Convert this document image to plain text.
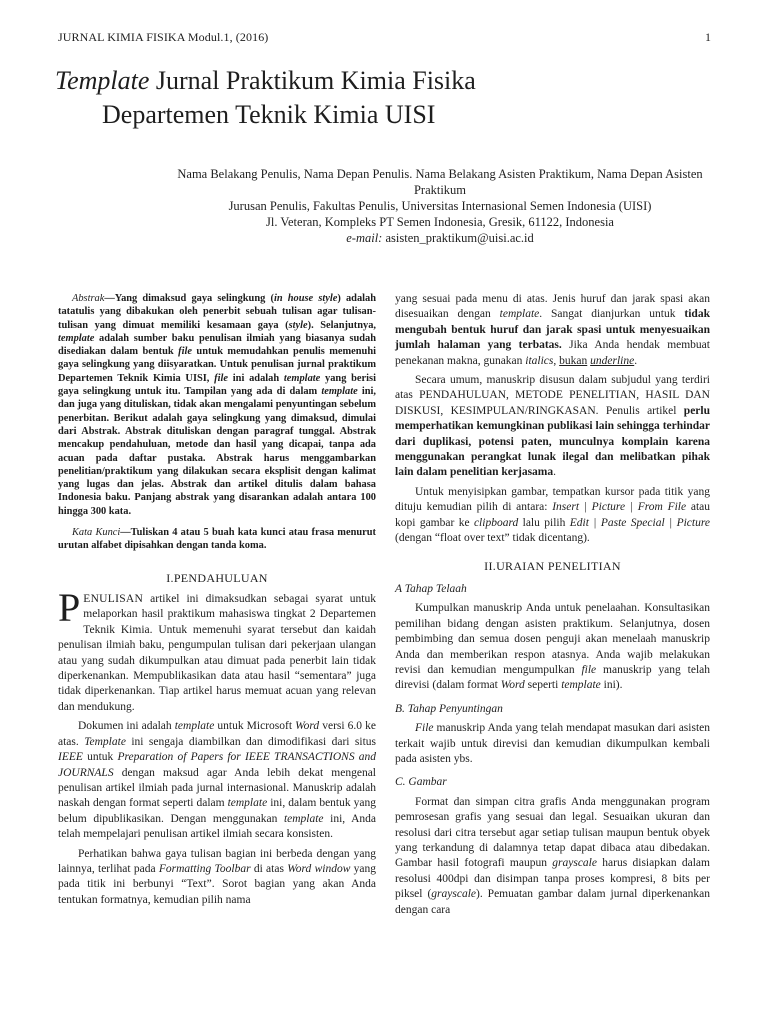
JURNAL KIMIA FISIKA Modul.1, (2016)	1
Template Jurnal Praktikum Kimia Fisika
Departemen Teknik Kimia UISI
Nama Belakang Penulis, Nama Depan Penulis. Nama Belakang Asisten Praktikum, Nama Depan Asisten Praktikum
Jurusan Penulis, Fakultas Penulis, Universitas Internasional Semen Indonesia (UISI)
Jl. Veteran, Kompleks PT Semen Indonesia, Gresik, 61122, Indonesia
e-mail: asisten_praktikum@uisi.ac.id

Abstrak—Yang dimaksud gaya selingkung (in house style) adalah tatatulis yang dibakukan oleh penerbit sebuah tulisan agar tulisan-tulisan yang dimuat memiliki kesamaan gaya (style). Selanjutnya, template adalah sumber baku penulisan ilmiah yang biasanya sudah disediakan dalam bentuk file untuk memudahkan penulis memenuhi gaya selingkung yang diisyaratkan. Untuk penulisan jurnal praktikum Departemen Teknik Kimia UISI, file ini adalah template yang berisi gaya selingkung untuk itu. Tampilan yang ada di dalam template ini, dan juga yang dituliskan, tidak akan mengalami penyuntingan sebelum penerbitan. Berikut adalah gaya selingkung yang dimaksud, dimulai dari Abstrak. Abstrak dituliskan dengan paragraf tunggal. Abstrak mencakup pendahuluan, metode dan hasil yang dicapai, tanpa ada acuan pada daftar pustaka. Abstrak harus menggambarkan penelitian/praktikum yang dilakukan secara eksplisit dengan kalimat yang lugas dan jelas. Abstrak dan artikel ditulis dalam bahasa Indonesia baku. Panjang abstrak yang disarankan adalah antara 100 hingga 300 kata.

Kata Kunci—Tuliskan 4 atau 5 buah kata kunci atau frasa menurut urutan alfabet dipisahkan dengan tanda koma.

I.PENDAHULUAN

PENULISAN artikel ini dimaksudkan sebagai syarat untuk melaporkan hasil praktikum mahasiswa tingkat 2 Departemen Teknik Kimia. Untuk memenuhi syarat tersebut dan kaidah penulisan ilmiah baku, pengumpulan tulisan dari pekerjaan ulangan atau yang sudah dikumpulkan atau dimuat pada penerbit lain tidak diperkenankan. Mempublikasikan data atau hasil “sementara” juga tidak diperkenankan. Tiap artikel harus memuat acuan yang relevan dan mendukung.

Dokumen ini adalah template untuk Microsoft Word versi 6.0 ke atas. Template ini sengaja diambilkan dan dimodifikasi dari situs IEEE untuk Preparation of Papers for IEEE TRANSACTIONS and JOURNALS dengan maksud agar Anda lebih dekat mengenal penulisan artikel ilmiah pada jurnal internasional. Manuskrip adalah naskah dengan format seperti dalam template ini, dalam bentuk yang belum dipublikasikan. Dengan menggunakan template ini, Anda telah mempelajari penulisan artikel ilmiah secara konsisten.

Perhatikan bahwa gaya tulisan bagian ini berbeda dengan yang lainnya, terlihat pada Formatting Toolbar di atas Word window yang pada titik ini berbunyi “Text”. Sorot bagian yang akan Anda tentukan formatnya, kemudian pilih nama

yang sesuai pada menu di atas. Jenis huruf dan jarak spasi akan disesuaikan dengan template. Sangat dianjurkan untuk tidak mengubah bentuk huruf dan jarak spasi untuk menyesuaikan jumlah halaman yang terbatas. Jika Anda hendak membuat penekanan makna, gunakan italics, bukan underline.

Secara umum, manuskrip disusun dalam subjudul yang terdiri atas PENDAHULUAN, METODE PENELITIAN, HASIL DAN DISKUSI, KESIMPULAN/RINGKASAN. Penulis artikel perlu memperhatikan kemungkinan publikasi lain sehingga terhindar dari duplikasi, potensi paten, munculnya komplain karena menggunakan perangkat lunak ilegal dan melibatkan pihak lain dalam penelitian kerjasama.

Untuk menyisipkan gambar, tempatkan kursor pada titik yang dituju kemudian pilih di antara: Insert | Picture | From File atau kopi gambar ke clipboard lalu pilih Edit | Paste Special | Picture (dengan “float over text” tidak dicentang).

II.URAIAN PENELITIAN

A Tahap Telaah

Kumpulkan manuskrip Anda untuk penelaahan. Konsultasikan pemilihan bidang dengan asisten praktikum. Selanjutnya, dosen pembimbing dan semua dosen penguji akan menelaah manuskrip Anda dan memberikan respon atasnya. Anda wajib melakukan revisi dan kemudian mengumpulkan file manuskrip yang telah direvisi (dalam format Word seperti template ini).

B. Tahap Penyuntingan

File manuskrip Anda yang telah mendapat masukan dari asisten terkait wajib untuk direvisi dan kemudian dikumpulkan kembali pada asisten ybs.

C. Gambar

Format dan simpan citra grafis Anda menggunakan program pemrosesan grafis yang sesuai dan legal. Sesuaikan ukuran dan resolusi dari citra tersebut agar setiap tulisan maupun bentuk obyek yang terkandung di dalamnya tetap dapat dibaca atau dibedakan. Gambar hasil fotografi maupun grayscale harus disiapkan dalam resolusi 400dpi dan disimpan tanpa proses kompresi, 8 bits per piksel (grayscale). Pemuatan gambar dalam jurnal diperkenankan dengan cara
